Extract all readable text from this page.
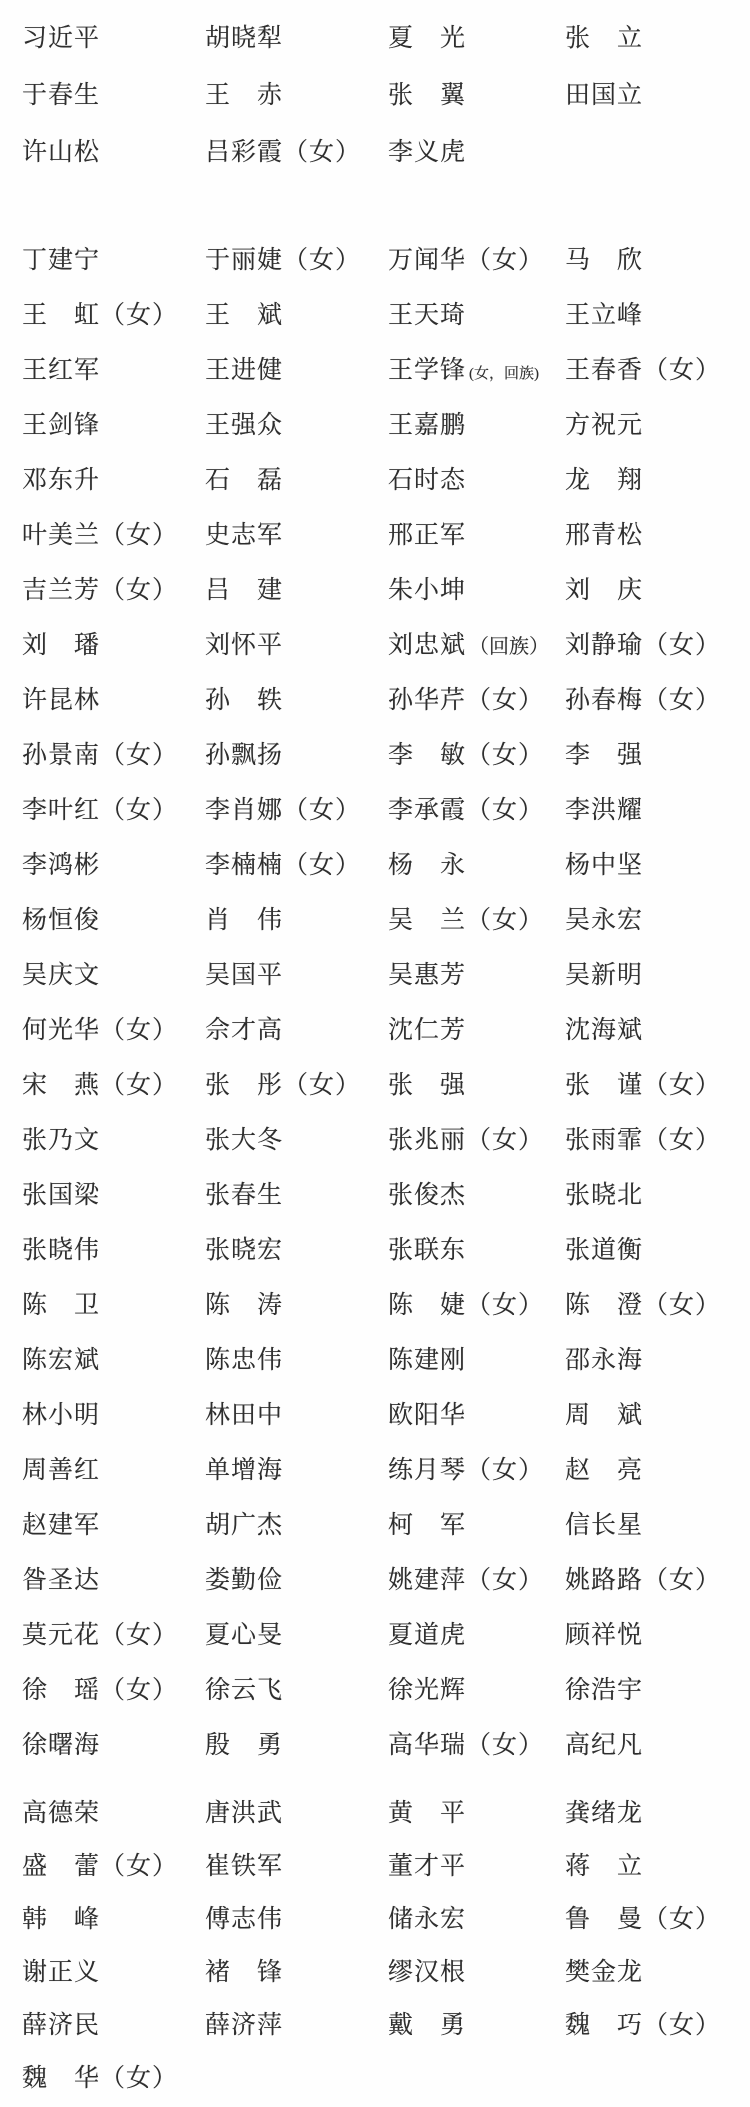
习近平	胡晓犁	夏　光	张　立
于春生	王　赤	张　翼	田国立
许山松	吕彩霞（女）	李义虎
丁建宁	于丽婕（女）	万闻华（女） 马　欣
王　虹（女）	王　斌	王天琦	王立峰
王红军	王进健	王学锋 (女，回族)	王春香（女）
王剑锋	王强众	王嘉鹏	方祝元
邓东升	石　磊	石时态	龙　翔
叶美兰（女）	史志军	邢正军	邢青松
吉兰芳（女）	吕　建	朱小坤	刘　庆
刘　璠	刘怀平	刘忠斌 （回族） 刘静瑜（女）
许昆林	孙　轶	孙华芹（女） 孙春梅（女）
孙景南（女）	孙飘扬	李　敏（女） 李　强
李叶红（女）	李肖娜（女）	李承霞（女） 李洪耀
李鸿彬	李楠楠（女）	杨　永	杨中坚
杨恒俊	肖　伟	吴　兰（女） 吴永宏
吴庆文	吴国平	吴惠芳	吴新明
何光华（女）	佘才高	沈仁芳	沈海斌
宋　燕（女）	张　彤（女）	张　强	张　谨（女）
张乃文	张大冬	张兆丽（女） 张雨霏（女）
张国梁	张春生	张俊杰	张晓北
张晓伟	张晓宏	张联东	张道衡
陈　卫	陈　涛	陈　婕（女） 陈　澄（女）
陈宏斌	陈忠伟	陈建刚	邵永海
林小明	林田中	欧阳华	周　斌
周善红	单增海	练月琴（女） 赵　亮
赵建军	胡广杰	柯　军	信长星
昝圣达	娄勤俭	姚建萍（女） 姚路路（女）
莫元花（女）	夏心旻	夏道虎	顾祥悦
徐　瑶（女）	徐云飞	徐光辉	徐浩宇
徐曙海	殷　勇	高华瑞（女） 高纪凡
高德荣	唐洪武	黄　平	龚绪龙
盛　蕾（女）	崔铁军	董才平	蒋　立
韩　峰	傅志伟	储永宏	鲁　曼（女）
谢正义	褚　锋	缪汉根	樊金龙
薛济民	薛济萍	戴　勇	魏　巧（女）
魏　华（女）
